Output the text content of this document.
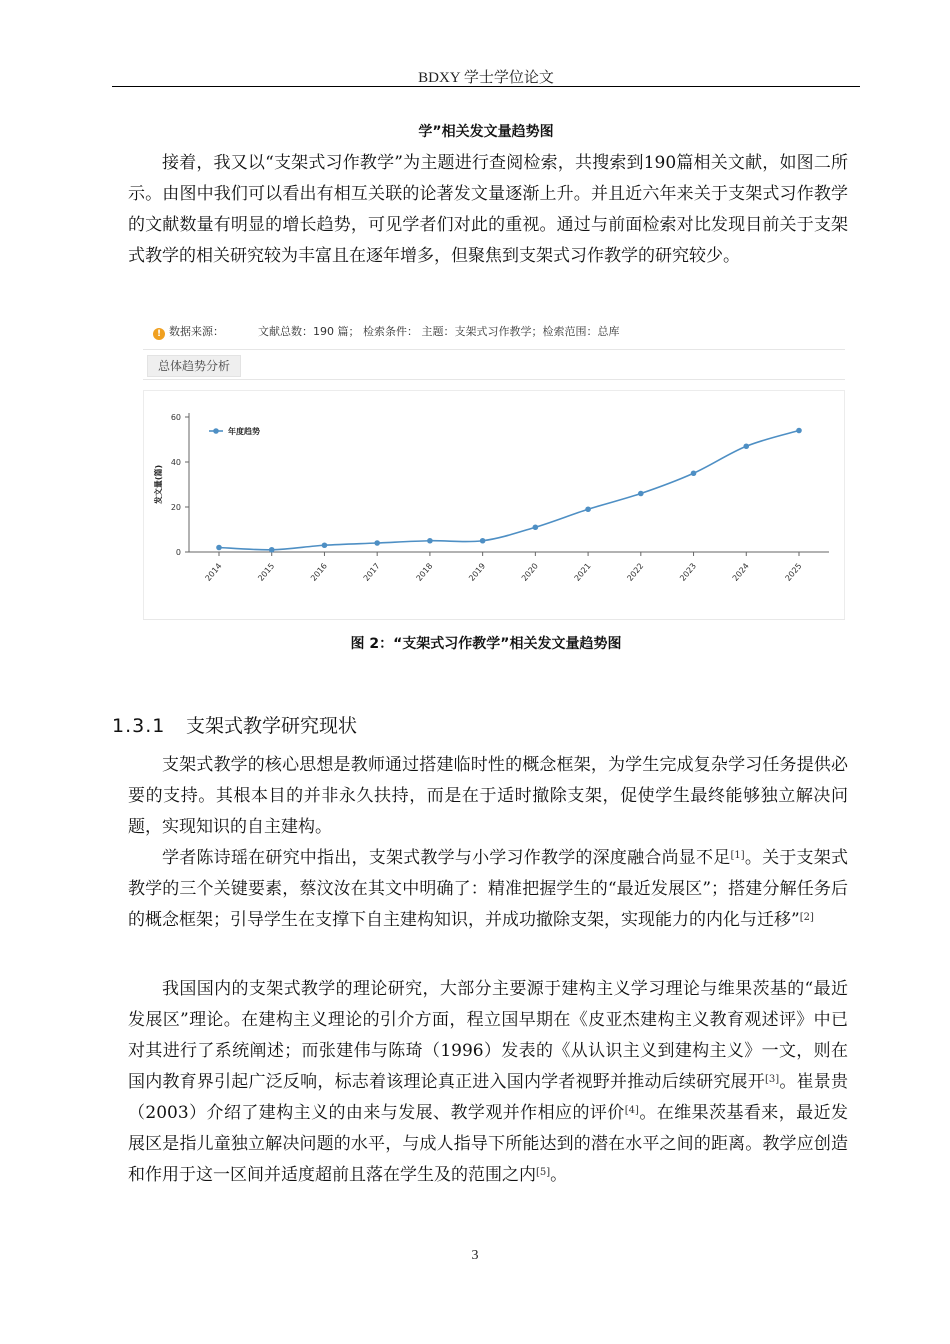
BDXY 学士学位论文
学”相关发文量趋势图

接着，我又以“支架式习作教学”为主题进行查阅检索，共搜索到190篇相关文献，如图二所示。由图中我们可以看出有相互关联的论著发文量逐渐上升。并且近六年来关于支架式习作教学的文献数量有明显的增长趋势，可见学者们对此的重视。通过与前面检索对比发现目前关于支架式教学的相关研究较为丰富且在逐年增多，但聚焦到支架式习作教学的研究较少。

! 数据来源：	文献总数：190 篇； 检索条件： 主题：支架式习作教学；检索范围：总库
总体趋势分析
0
20
40
60
发文量(篇)
2014	2015	2016	2017	2018	2019	2020	2021	2022	2023	2024	2025
年度趋势
图 2：“支架式习作教学”相关发文量趋势图
1.3.1 支架式教学研究现状

支架式教学的核心思想是教师通过搭建临时性的概念框架，为学生完成复杂学习任务提供必要的支持。其根本目的并非永久扶持，而是在于适时撤除支架，促使学生最终能够独立解决问题，实现知识的自主建构。

学者陈诗瑶在研究中指出，支架式教学与小学习作教学的深度融合尚显不足[1]。关于支架式教学的三个关键要素，蔡汶汝在其文中明确了：精准把握学生的“最近发展区”；搭建分解任务后的概念框架；引导学生在支撑下自主建构知识，并成功撤除支架，实现能力的内化与迁移”[2]

我国国内的支架式教学的理论研究，大部分主要源于建构主义学习理论与维果茨基的“最近发展区”理论。在建构主义理论的引介方面，程立国早期在《皮亚杰建构主义教育观述评》中已对其进行了系统阐述；而张建伟与陈琦（1996）发表的《从认识主义到建构主义》一文，则在国内教育界引起广泛反响，标志着该理论真正进入国内学者视野并推动后续研究展开[3]。崔景贵（2003）介绍了建构主义的由来与发展、教学观并作相应的评价[4]。在维果茨基看来，最近发展区是指儿童独立解决问题的水平，与成人指导下所能达到的潜在水平之间的距离。教学应创造和作用于这一区间并适度超前且落在学生及的范围之内[5]。

3
